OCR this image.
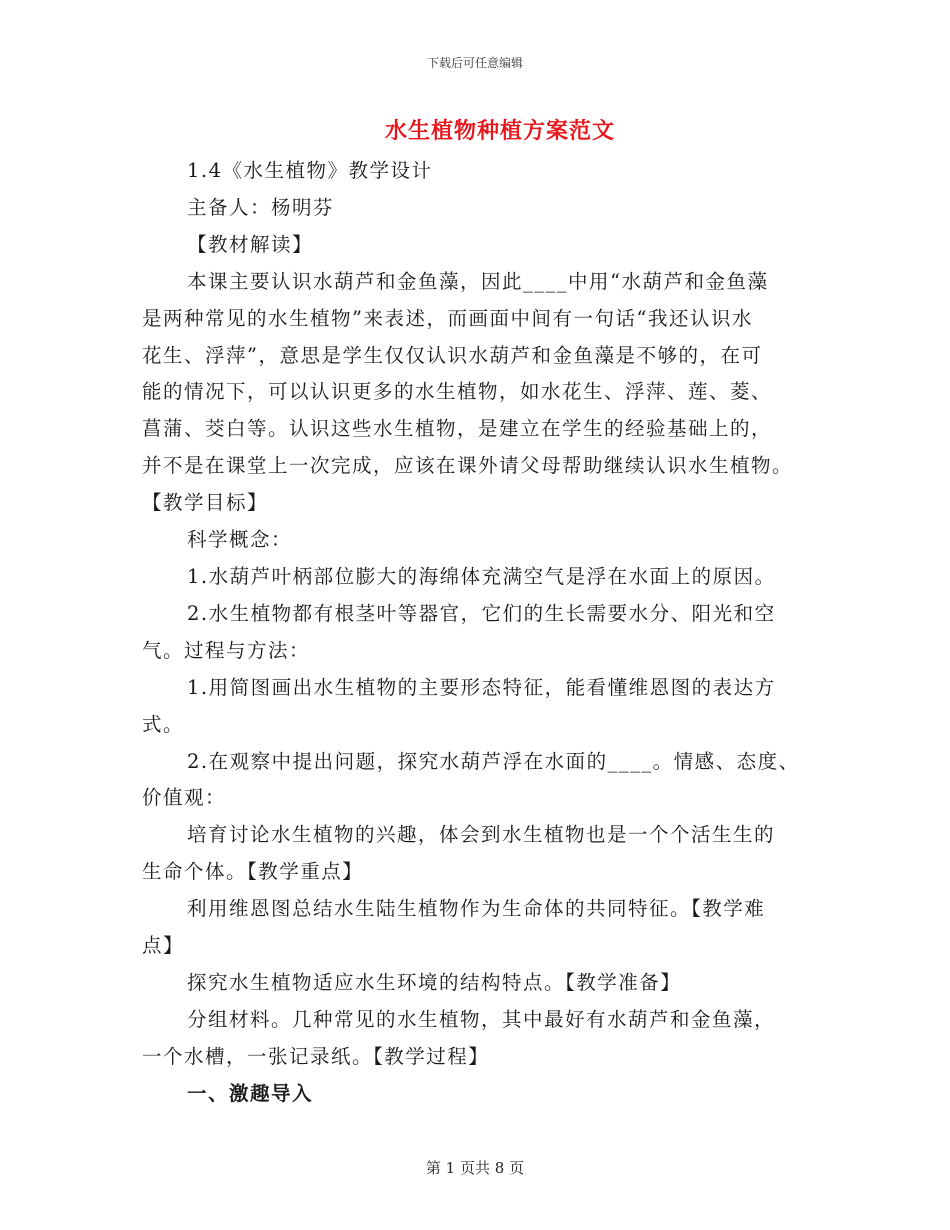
下载后可任意编辑
水生植物种植方案范文

1.4《水生植物》教学设计

主备人：杨明芬

【教材解读】

本课主要认识水葫芦和金鱼藻，因此____中用“水葫芦和金鱼藻

是两种常见的水生植物”来表述，而画面中间有一句话“我还认识水

花生、浮萍”，意思是学生仅仅认识水葫芦和金鱼藻是不够的，在可

能的情况下，可以认识更多的水生植物，如水花生、浮萍、莲、菱、

菖蒲、茭白等。认识这些水生植物，是建立在学生的经验基础上的，

并不是在课堂上一次完成，应该在课外请父母帮助继续认识水生植物。

【教学目标】

科学概念：

1.水葫芦叶柄部位膨大的海绵体充满空气是浮在水面上的原因。

2.水生植物都有根茎叶等器官，它们的生长需要水分、阳光和空

气。过程与方法：

1.用简图画出水生植物的主要形态特征，能看懂维恩图的表达方

式。

2.在观察中提出问题，探究水葫芦浮在水面的____。情感、态度、

价值观：

培育讨论水生植物的兴趣，体会到水生植物也是一个个活生生的

生命个体。【教学重点】

利用维恩图总结水生陆生植物作为生命体的共同特征。【教学难

点】

探究水生植物适应水生环境的结构特点。【教学准备】

分组材料。几种常见的水生植物，其中最好有水葫芦和金鱼藻，

一个水槽，一张记录纸。【教学过程】

一、激趣导入

第 1 页共 8 页
